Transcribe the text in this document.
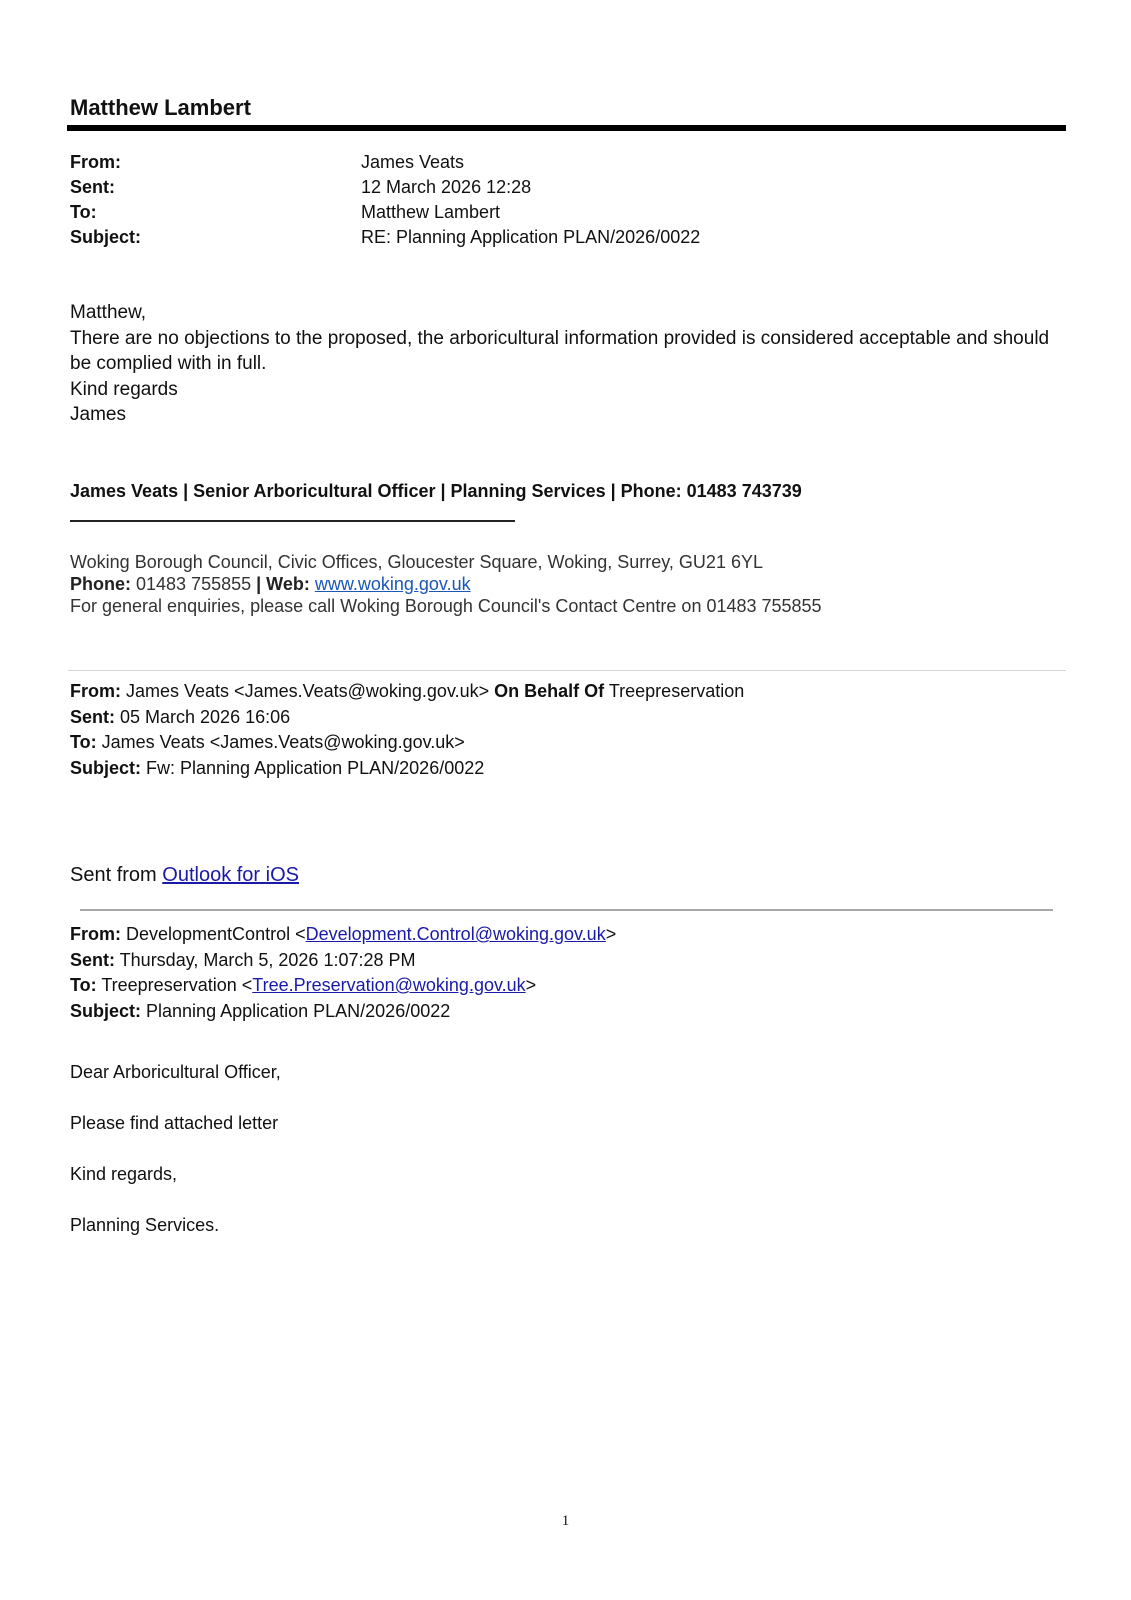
Matthew Lambert
From:	James Veats
Sent:	12 March 2026 12:28
To:	Matthew Lambert
Subject:	RE: Planning Application PLAN/2026/0022

Matthew,

There are no objections to the proposed, the arboricultural information provided is considered acceptable and should be complied with in full.

Kind regards

James

James Veats | Senior Arboricultural Officer | Planning Services | Phone: 01483 743739
Woking Borough Council, Civic Offices, Gloucester Square, Woking, Surrey, GU21 6YL
Phone: 01483 755855 | Web: www.woking.gov.uk
For general enquiries, please call Woking Borough Council's Contact Centre on 01483 755855
From: James Veats <James.Veats@woking.gov.uk> On Behalf Of Treepreservation
Sent: 05 March 2026 16:06
To: James Veats <James.Veats@woking.gov.uk>
Subject: Fw: Planning Application PLAN/2026/0022
Sent from Outlook for iOS
From: DevelopmentControl <Development.Control@woking.gov.uk>
Sent: Thursday, March 5, 2026 1:07:28 PM
To: Treepreservation <Tree.Preservation@woking.gov.uk>
Subject: Planning Application PLAN/2026/0022

Dear Arboricultural Officer,

Please find attached letter

Kind regards,

Planning Services.

1
